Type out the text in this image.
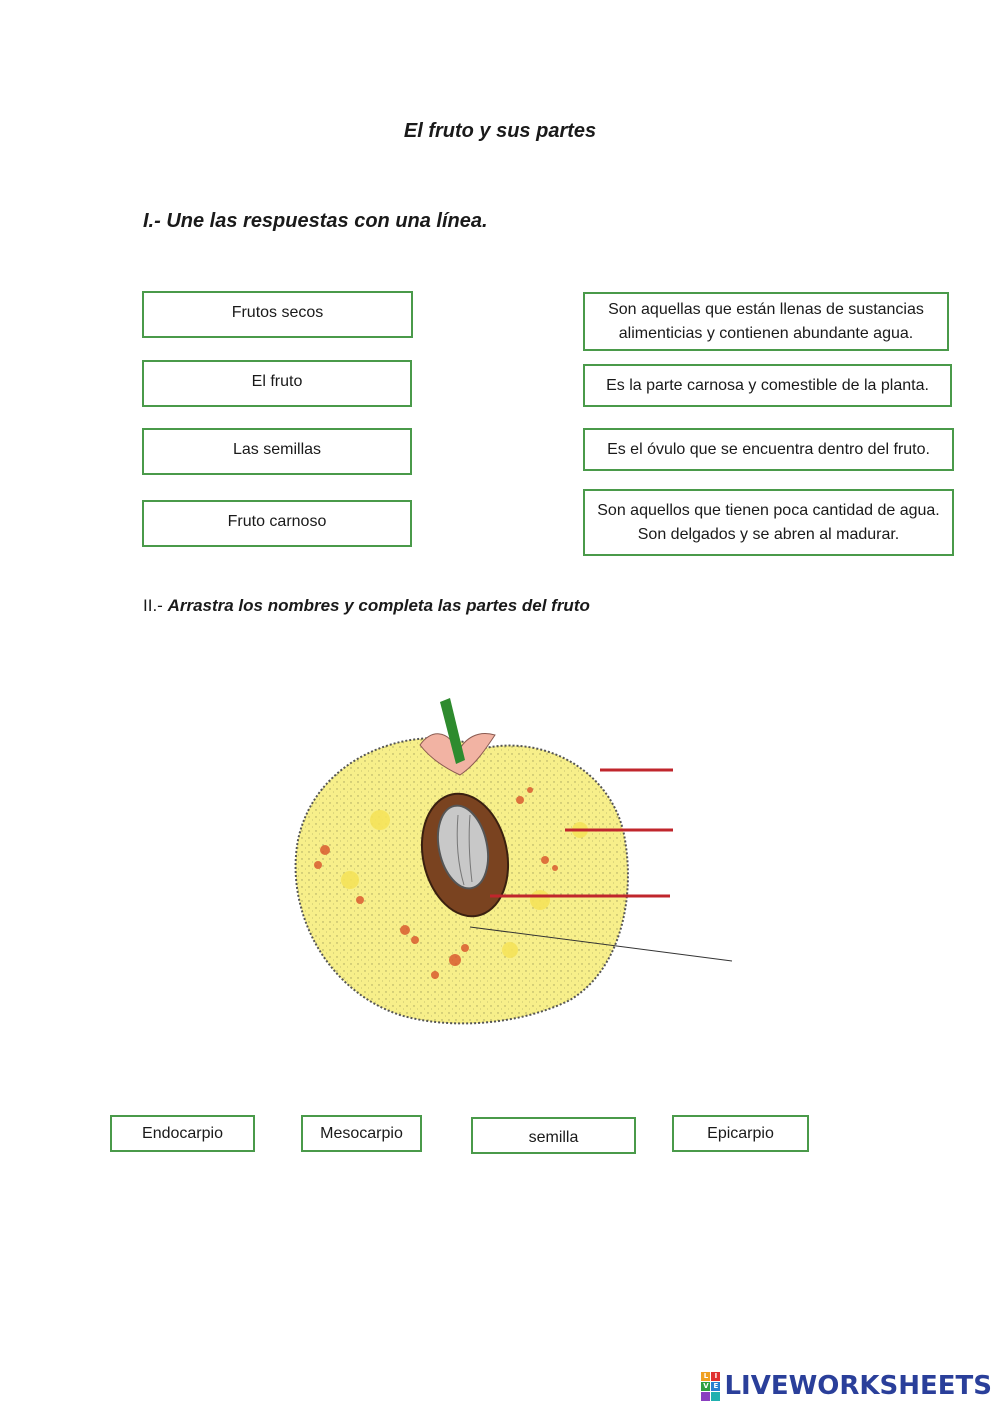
El fruto y sus partes
I.- Une las respuestas con una línea.
Frutos secos
El fruto
Las semillas
Fruto carnoso
Son aquellas que están llenas de sustancias alimenticias y contienen abundante agua.
Es la parte carnosa y comestible de la planta.
Es el óvulo que se encuentra dentro del fruto.
Son aquellos que tienen poca cantidad de agua. Son delgados y se abren al madurar.
II.- Arrastra los nombres y completa las partes del fruto
Endocarpio	Mesocarpio	semilla	Epicarpio
L I
V E LIVEWORKSHEETS
